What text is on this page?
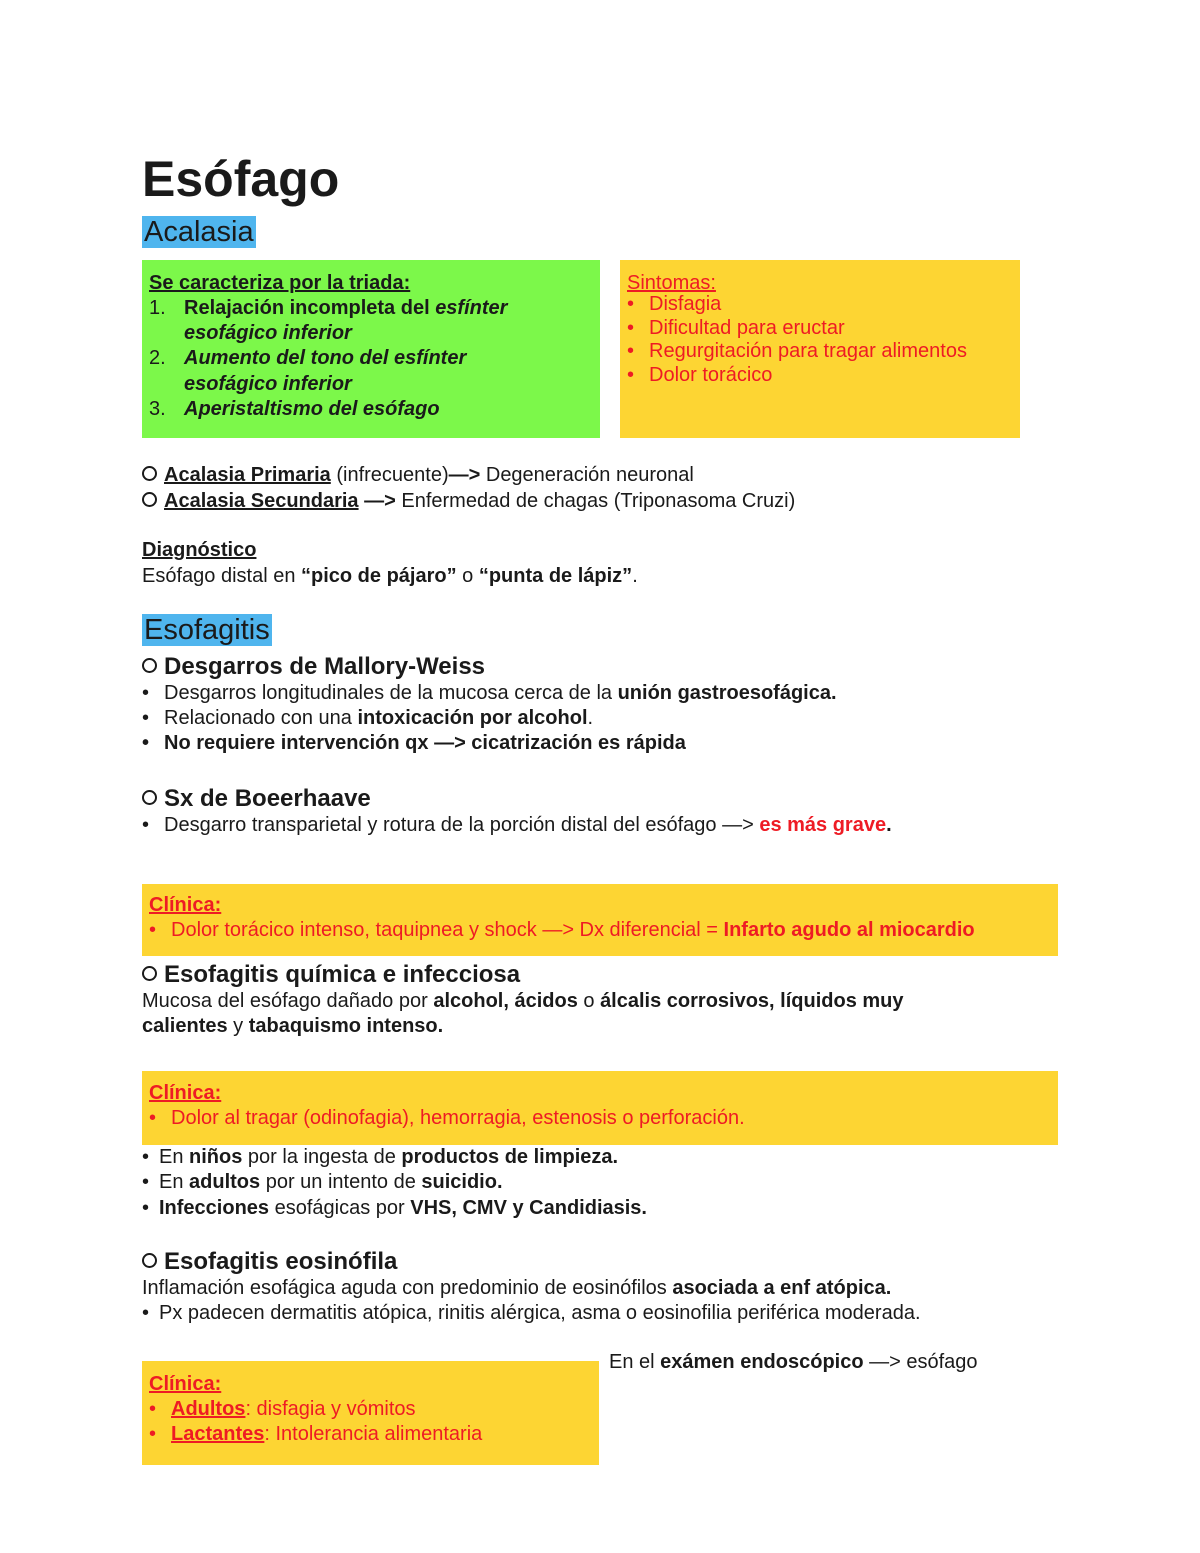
Esófago
Acalasia
Se caracteriza por la triada:
1. Relajación incompleta del esfínter
esofágico inferior
2. Aumento del tono del esfínter
esofágico inferior
3. Aperistaltismo del esófago
Sintomas:
• Disfagia
• Dificultad para eructar
• Regurgitación para tragar alimentos
• Dolor torácico
Acalasia Primaria (infrecuente)—> Degeneración neuronal
Acalasia Secundaria —> Enfermedad de chagas (Triponasoma Cruzi)
Diagnóstico
Esófago distal en “pico de pájaro” o “punta de lápiz”.
Esofagitis
Desgarros de Mallory-Weiss
• Desgarros longitudinales de la mucosa cerca de la unión gastroesofágica.
• Relacionado con una intoxicación por alcohol.
• No requiere intervención qx —> cicatrización es rápida
Sx de Boeerhaave
• Desgarro transparietal y rotura de la porción distal del esófago —> es más grave.
Clínica:
• Dolor torácico intenso, taquipnea y shock —> Dx diferencial = Infarto agudo al miocardio
Esofagitis química e infecciosa
Mucosa del esófago dañado por alcohol, ácidos o álcalis corrosivos, líquidos muy
calientes y tabaquismo intenso.
Clínica:
• Dolor al tragar (odinofagia), hemorragia, estenosis o perforación.
• En niños por la ingesta de productos de limpieza.
• En adultos por un intento de suicidio.
• Infecciones esofágicas por VHS, CMV y Candidiasis.
Esofagitis eosinófila
Inflamación esofágica aguda con predominio de eosinófilos asociada a enf atópica.
• Px padecen dermatitis atópica, rinitis alérgica, asma o eosinofilia periférica moderada.
Clínica:
• Adultos: disfagia y vómitos
• Lactantes: Intolerancia alimentaria
En el exámen endoscópico —> esófago
